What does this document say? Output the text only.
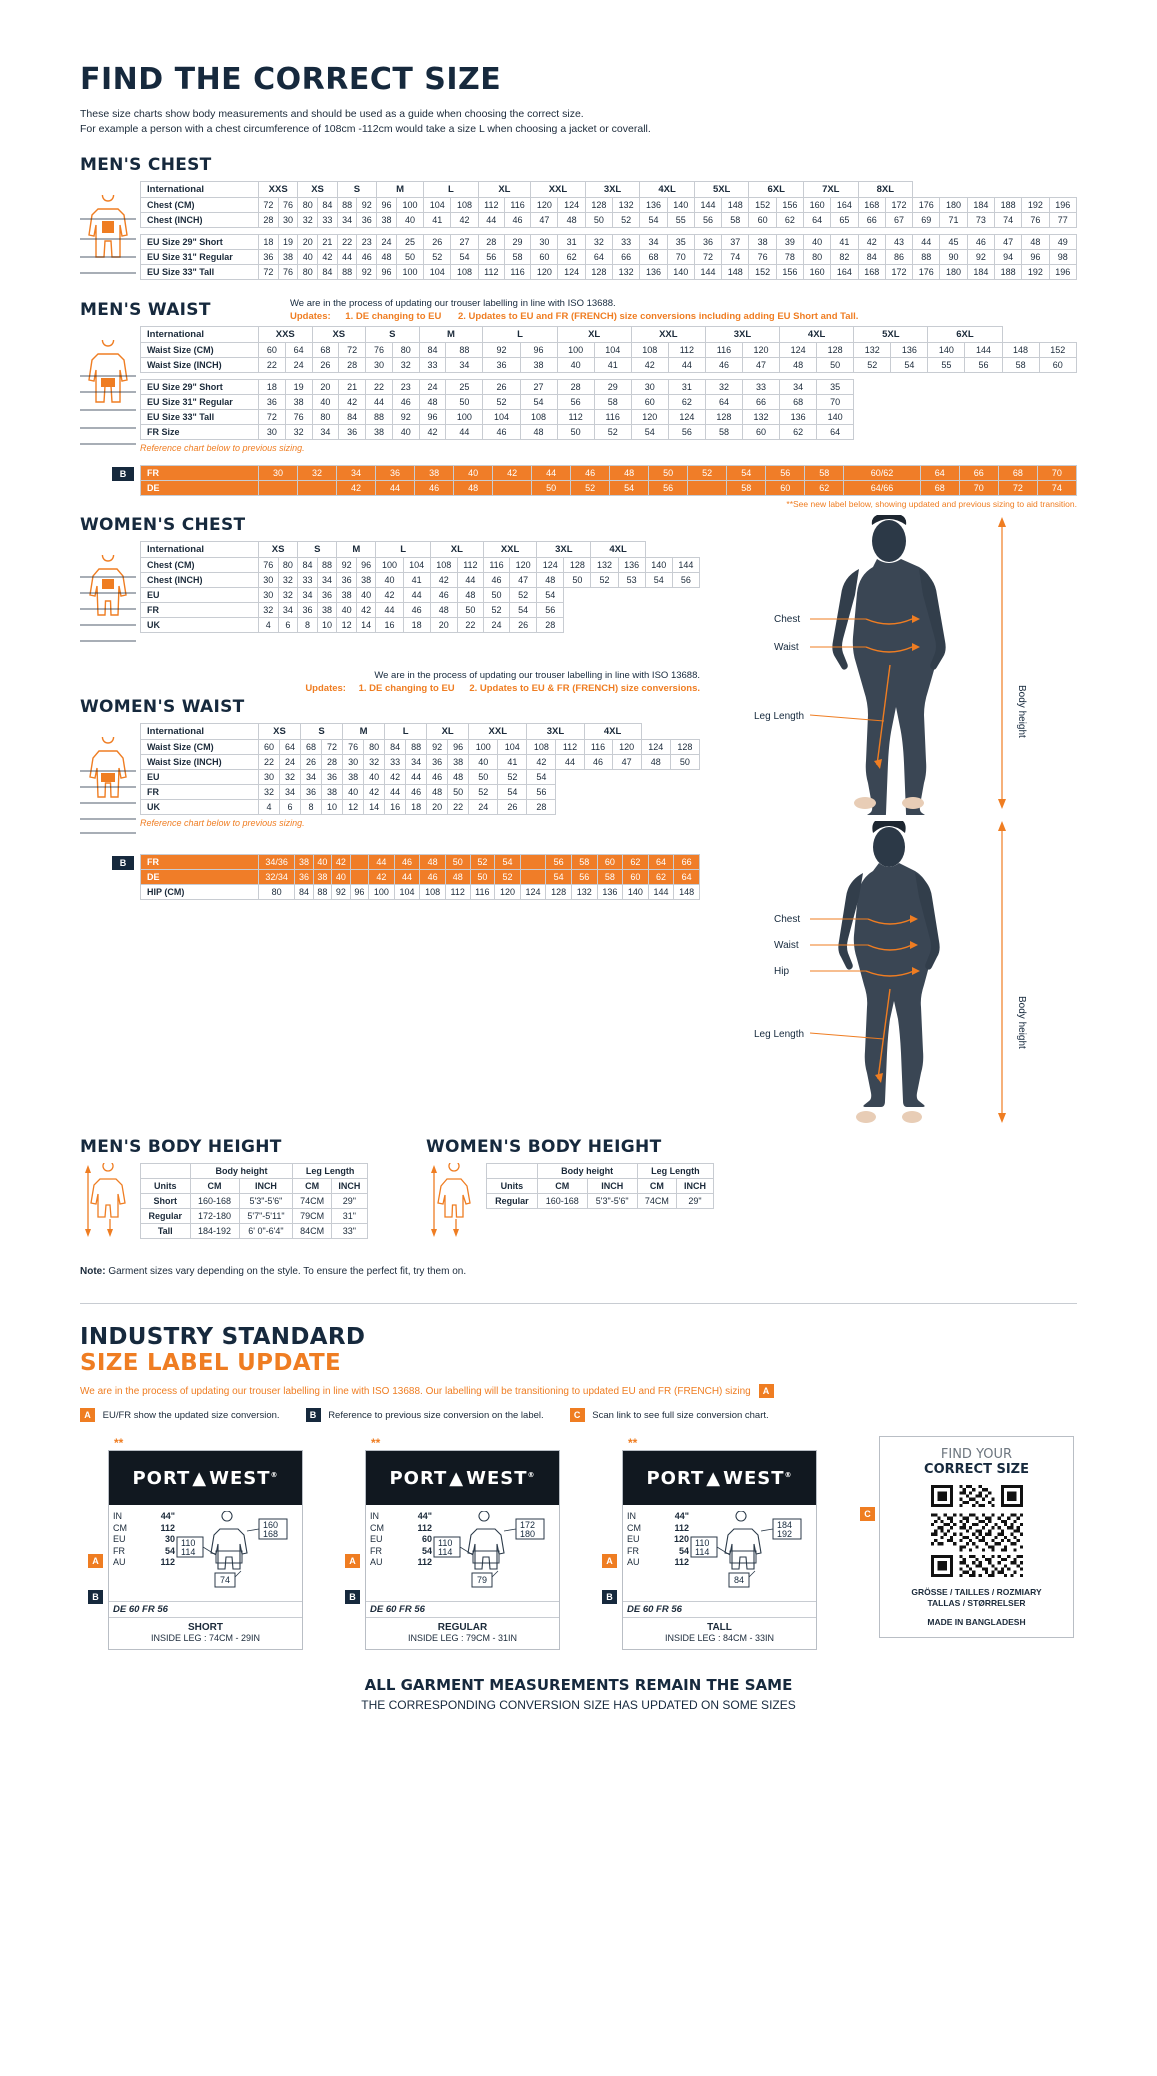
FIND THE CORRECT SIZE
These size charts show body measurements and should be used as a guide when choosing the correct size.
For example a person with a chest circumference of 108cm -112cm would take a size L when choosing a jacket or coverall.
MEN'S CHEST
International	XXS		XS		S		M		L		XL		XXL		3XL		4XL		5XL		6XL		7XL		8XL							
Chest (CM)	72	76	80	84	88	92	96	100	104	108	112	116	120	124	128	132	136	140	144	148	152	156	160	164	168	172	176	180	184	188	192	196
Chest (INCH)	28	30	32	33	34	36	38	40	41	42	44	46	47	48	50	52	54	55	56	58	60	62	64	65	66	67	69	71	73	74	76	77

EU Size 29" Short	18	19	20	21	22	23	24	25	26	27	28	29	30	31	32	33	34	35	36	37	38	39	40	41	42	43	44	45	46	47	48	49
EU Size 31" Regular	36	38	40	42	44	46	48	50	52	54	56	58	60	62	64	66	68	70	72	74	76	78	80	82	84	86	88	90	92	94	96	98
EU Size 33" Tall	72	76	80	84	88	92	96	100	104	108	112	116	120	124	128	132	136	140	144	148	152	156	160	164	168	172	176	180	184	188	192	196
MEN'S WAIST	We are in the process of updating our trouser labelling in line with ISO 13688.
Updates: 1. DE changing to EU 2. Updates to EU and FR (FRENCH) size conversions including adding EU Short and Tall.
International	XXS		XS		S		M		L		XL		XXL		3XL		4XL		5XL		6XL			
Waist Size (CM)	60	64	68	72	76	80	84	88	92	96	100	104	108	112	116	120	124	128	132	136	140	144	148	152
Waist Size (INCH)	22	24	26	28	30	32	33	34	36	38	40	41	42	44	46	47	48	50	52	54	55	56	58	60

EU Size 29" Short	18	19	20	21	22	23	24	25	26	27	28	29	30	31	32	33	34	35						
EU Size 31" Regular	36	38	40	42	44	46	48	50	52	54	56	58	60	62	64	66	68	70						
EU Size 33" Tall	72	76	80	84	88	92	96	100	104	108	112	116	120	124	128	132	136	140						
FR Size	30	32	34	36	38	40	42	44	46	48	50	52	54	56	58	60	62	64						
Reference chart below to previous sizing.
B	FR	30	32	34	36	38	40	42	44	46	48	50	52	54	56	58	60/62	64	66	68	70
DE			42	44	46	48		50	52	54	56		58	60	62	64/66	68	70	72	74
**See new label below, showing updated and previous sizing to aid transition.
WOMEN'S CHEST
International	XS		S		M		L		XL		XXL		3XL		4XL			
Chest (CM)	76	80	84	88	92	96	100	104	108	112	116	120	124	128	132	136	140	144
Chest (INCH)	30	32	33	34	36	38	40	41	42	44	46	47	48	50	52	53	54	56
EU	30	32	34	36	38	40	42	44	46	48	50	52	54					
FR	32	34	36	38	40	42	44	46	48	50	52	54	56					
UK	4	6	8	10	12	14	16	18	20	22	24	26	28					
We are in the process of updating our trouser labelling in line with ISO 13688.
Updates: 1. DE changing to EU 2. Updates to EU & FR (FRENCH) size conversions.
WOMEN'S WAIST
International	XS		S		M		L		XL		XXL		3XL		4XL			
Waist Size (CM)	60	64	68	72	76	80	84	88	92	96	100	104	108	112	116	120	124	128
Waist Size (INCH)	22	24	26	28	30	32	33	34	36	38	40	41	42	44	46	47	48	50
EU	30	32	34	36	38	40	42	44	46	48	50	52	54					
FR	32	34	36	38	40	42	44	46	48	50	52	54	56					
UK	4	6	8	10	12	14	16	18	20	22	24	26	28					
Reference chart below to previous sizing.
B	FR	34/36	38	40	42		44	46	48	50	52	54		56	58	60	62	64	66
DE	32/34	36	38	40		42	44	46	48	50	52		54	56	58	60	62	64
HIP (CM)	80	84	88	92	96	100	104	108	112	116	120	124	128	132	136	140	144	148
Chest
Waist
Leg Length	Body height
Chest
Waist
Hip
Leg Length	Body height
MEN'S BODY HEIGHT
	Body height		Leg Length	
Units	CM	INCH	CM	INCH
Short	160-168	5'3"-5'6"	74CM	29"
Regular	172-180	5'7"-5'11"	79CM	31"
Tall	184-192	6' 0"-6'4"	84CM	33"
WOMEN'S BODY HEIGHT
	Body height		Leg Length	
Units	CM	INCH	CM	INCH
Regular	160-168	5'3"-5'6"	74CM	29"
Note: Garment sizes vary depending on the style. To ensure the perfect fit, try them on.
INDUSTRY STANDARD
SIZE LABEL UPDATE
We are in the process of updating our trouser labelling in line with ISO 13688. Our labelling will be transitioning to updated EU and FR (FRENCH) sizing A
A EU/FR show the updated size conversion.	B Reference to previous size conversion on the label.	C Scan link to see full size conversion chart.
**
PORT ▲ WEST®
IN	44"
CM	112
EU	30
FR	54
AU	112
110
114
160
168
74
DE 60 FR 56
SHORT
INSIDE LEG : 74CM - 29IN
A
B
**
PORT ▲ WEST®
IN	44"
CM	112
EU	60
FR	54
AU	112
110
114
172
180
79
DE 60 FR 56
REGULAR
INSIDE LEG : 79CM - 31IN
A
B
**
PORT ▲ WEST®
IN	44"
CM	112
EU	120
FR	54
AU	112
110
114
184
192
84
DE 60 FR 56
TALL
INSIDE LEG : 84CM - 33IN
A
B
C
FIND YOUR
CORRECT SIZE
GRÖSSE / TAILLES / ROZMIARY
TALLAS / STØRRELSER
MADE IN BANGLADESH
ALL GARMENT MEASUREMENTS REMAIN THE SAME
THE CORRESPONDING CONVERSION SIZE HAS UPDATED ON SOME SIZES
